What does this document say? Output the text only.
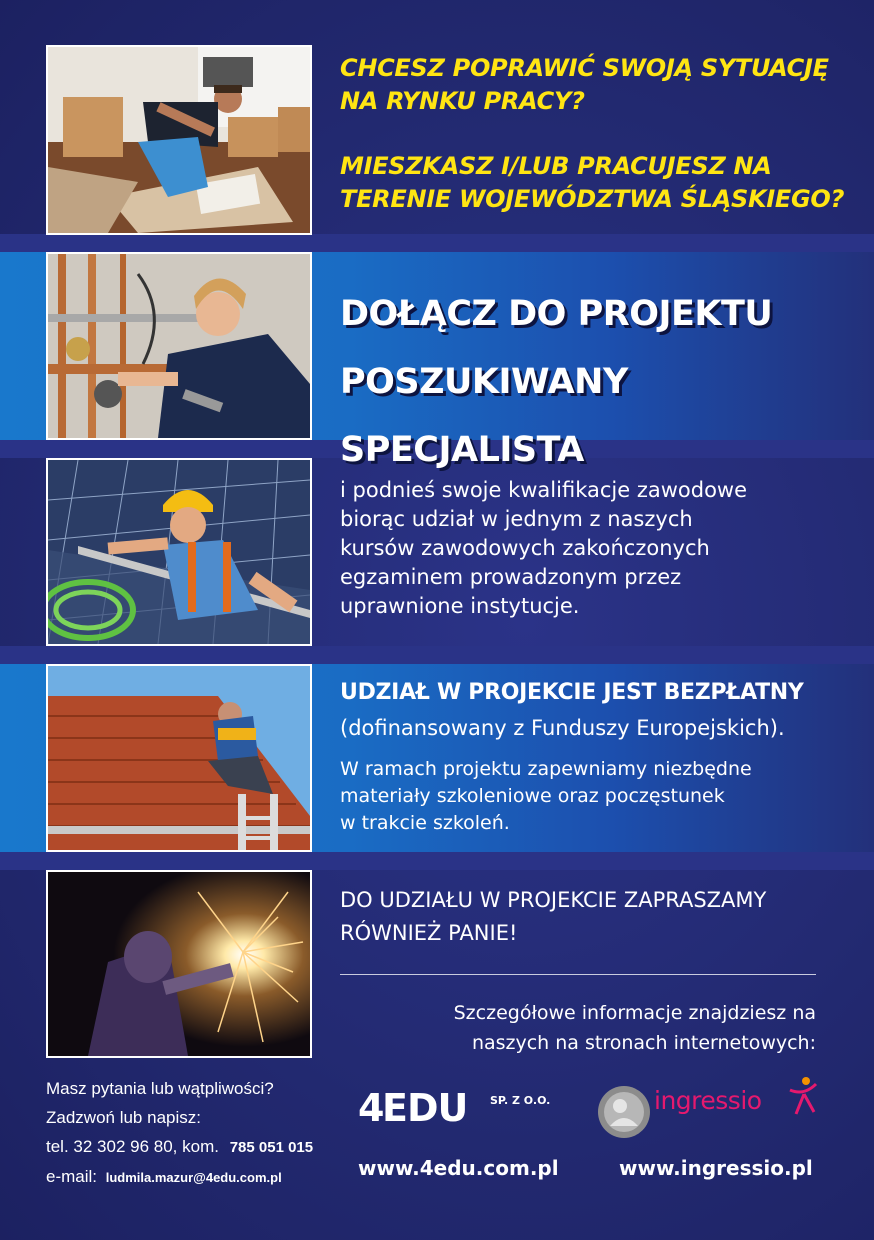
CHCESZ POPRAWIĆ SWOJĄ SYTUACJĘ
NA RYNKU PRACY?
MIESZKASZ I/LUB PRACUJESZ NA
TERENIE WOJEWÓDZTWA ŚLĄSKIEGO?
DOŁĄCZ DO PROJEKTU
POSZUKIWANY SPECJALISTA
i podnieś swoje kwalifikacje zawodowe
biorąc udział w jednym z naszych
kursów zawodowych zakończonych
egzaminem prowadzonym przez
uprawnione instytucje.
UDZIAŁ W PROJEKCIE JEST BEZPŁATNY
(dofinansowany z Funduszy Europejskich).
W ramach projektu zapewniamy niezbędne
materiały szkoleniowe oraz poczęstunek
w trakcie szkoleń.
DO UDZIAŁU W PROJEKCIE ZAPRASZAMY
RÓWNIEŻ PANIE!
Szczegółowe informacje znajdziesz na
naszych na stronach internetowych:
Masz pytania lub wątpliwości?
Zadzwoń lub napisz:
tel. 32 302 96 80, kom. 785 051 015
e-mail: ludmila.mazur@4edu.com.pl
4
EDU SP. Z O.O.	ingressio
www.4edu.com.pl	www.ingressio.pl
